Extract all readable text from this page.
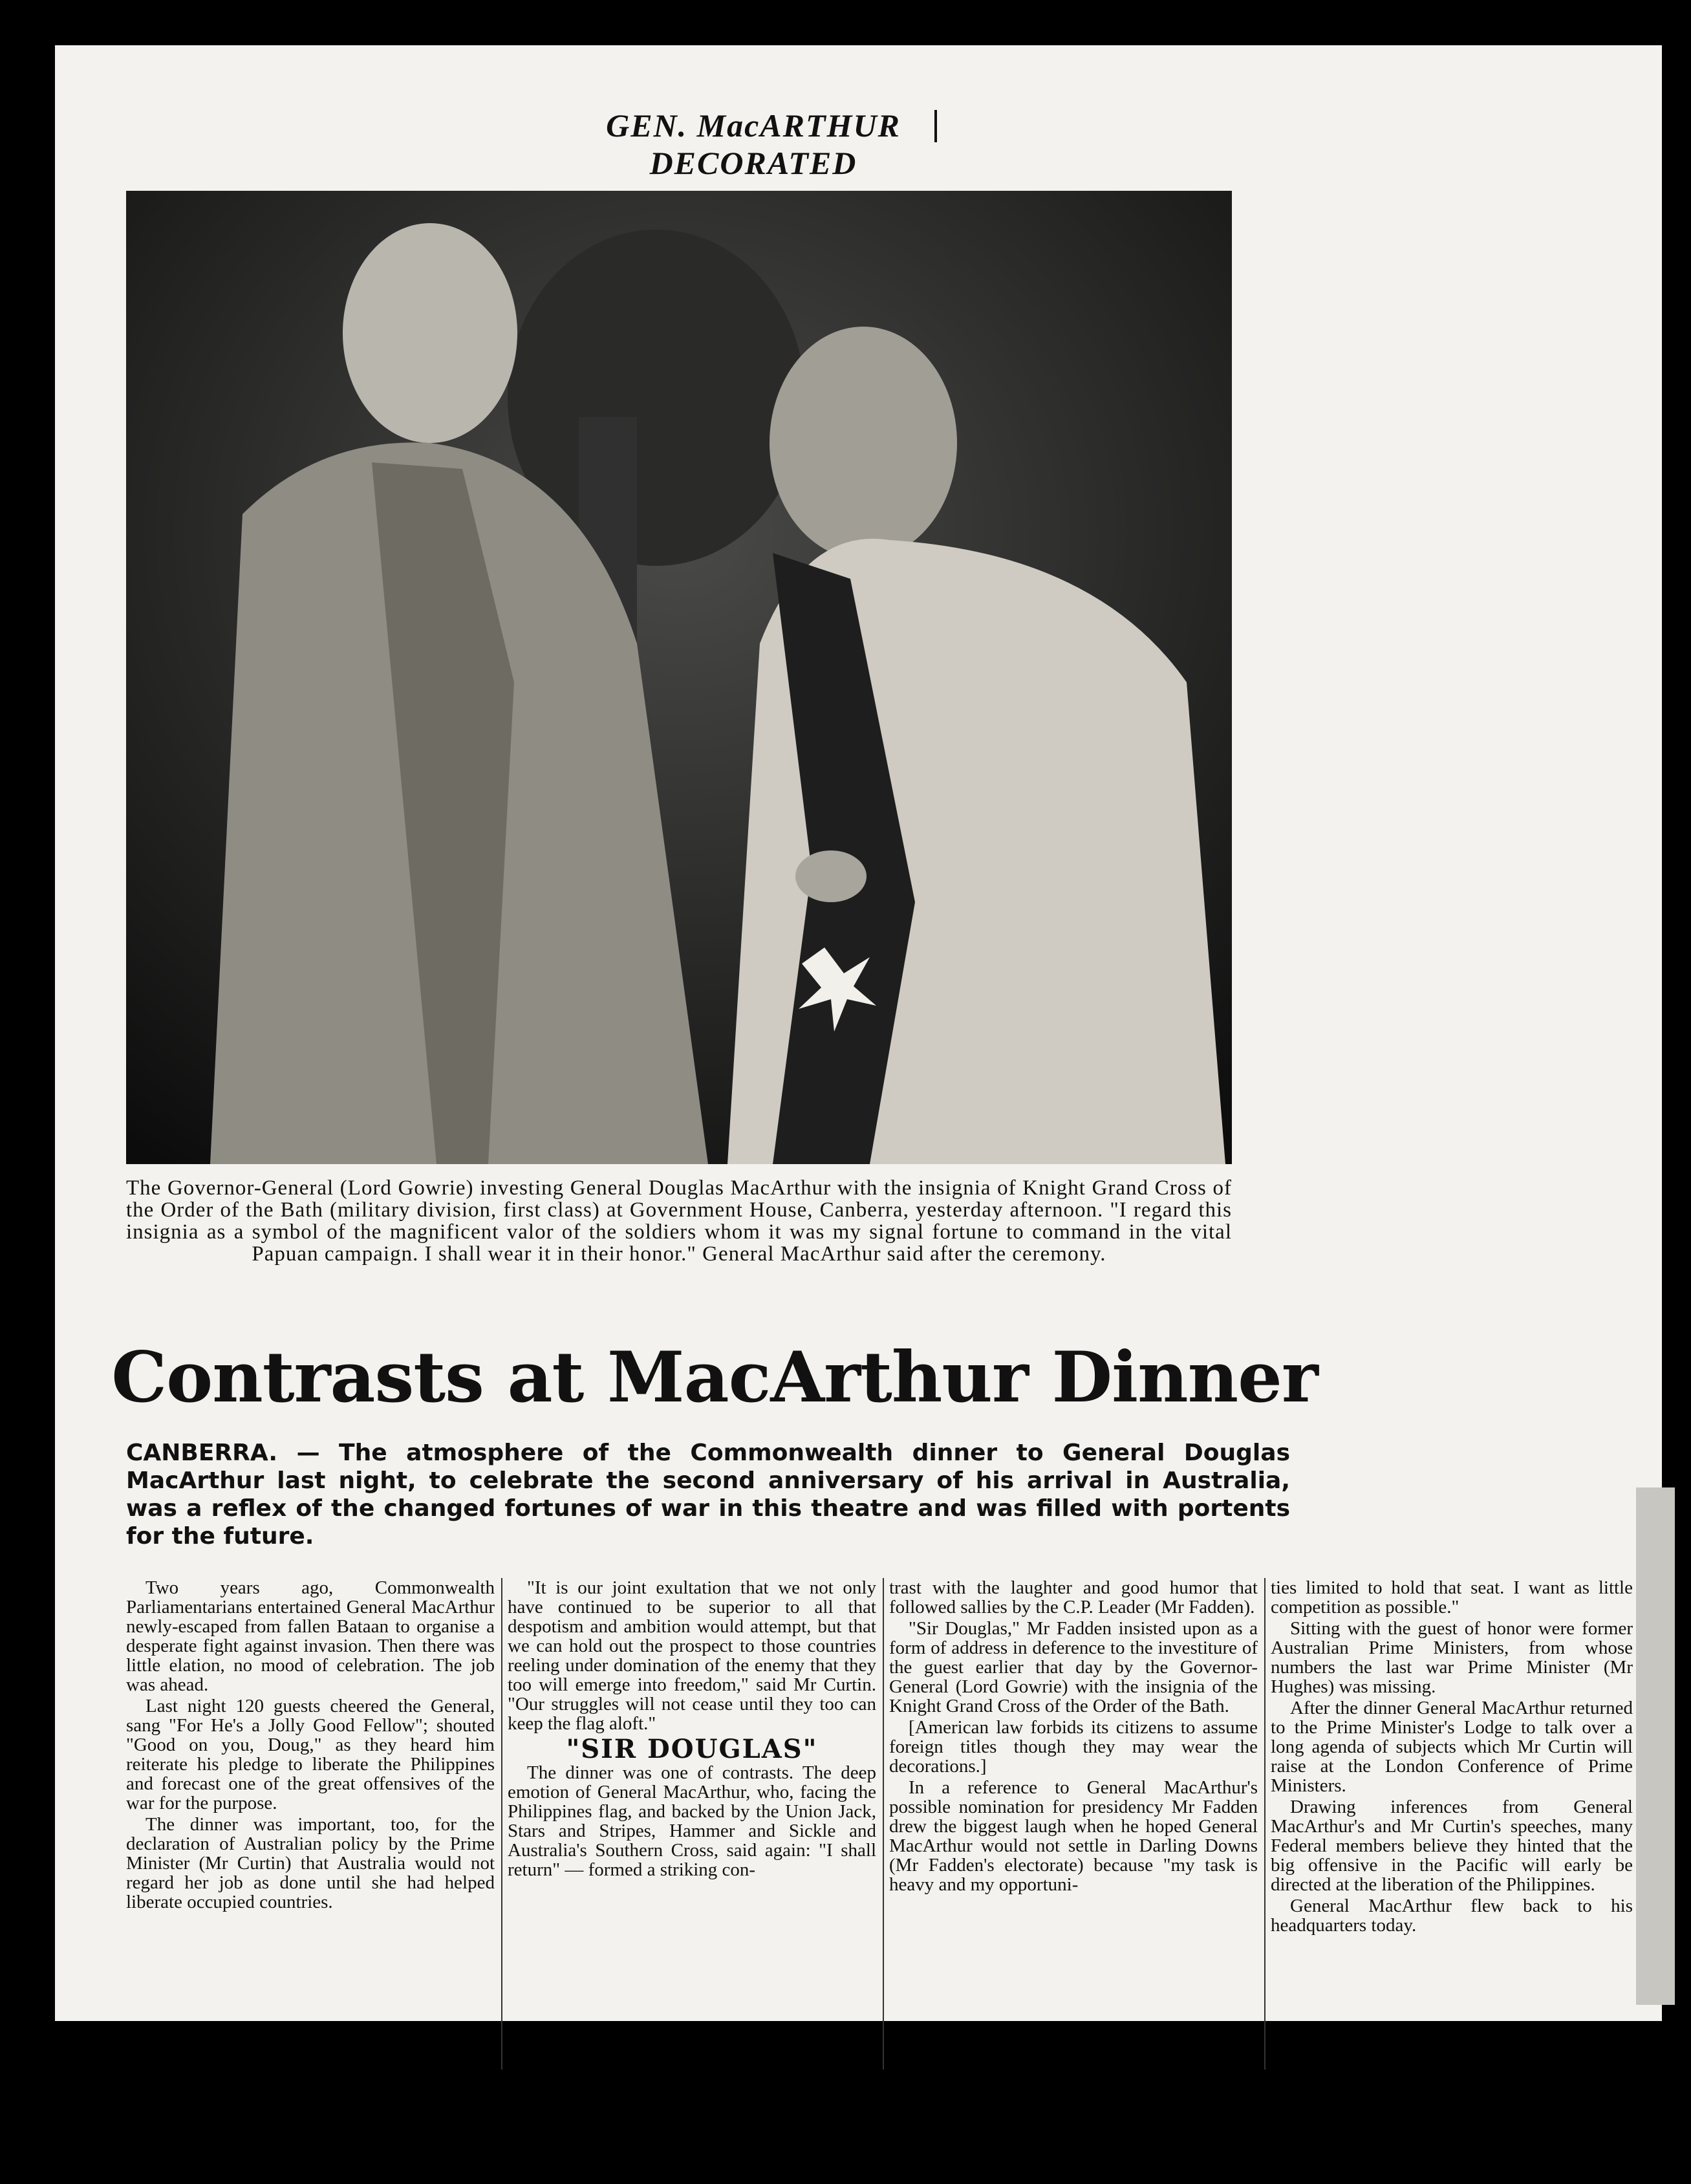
GEN. MacARTHUR
DECORATED
The Governor-General (Lord Gowrie) investing General Douglas MacArthur with the insignia of Knight Grand Cross of the Order of the Bath (military division, first class) at Government House, Canberra, yesterday afternoon. "I regard this insignia as a symbol of the magnificent valor of the soldiers whom it was my signal fortune to command in the vital Papuan campaign. I shall wear it in their honor." General MacArthur said after the ceremony.
Contrasts at MacArthur Dinner
CANBERRA. — The atmosphere of the Commonwealth dinner to General Douglas MacArthur last night, to celebrate the second anniversary of his arrival in Australia, was a reflex of the changed fortunes of war in this theatre and was filled with portents for the future.

Two years ago, Commonwealth Parliamentarians entertained General MacArthur newly-escaped from fallen Bataan to organise a desperate fight against invasion. Then there was little elation, no mood of celebration. The job was ahead.

Last night 120 guests cheered the General, sang "For He's a Jolly Good Fellow"; shouted "Good on you, Doug," as they heard him reiterate his pledge to liberate the Philippines and forecast one of the great offensives of the war for the purpose.

The dinner was important, too, for the declaration of Australian policy by the Prime Minister (Mr Curtin) that Australia would not regard her job as done until she had helped liberate occupied countries.

"It is our joint exultation that we not only have continued to be superior to all that despotism and ambition would attempt, but that we can hold out the prospect to those countries reeling under domination of the enemy that they too will emerge into freedom," said Mr Curtin. "Our struggles will not cease until they too can keep the flag aloft."

"SIR DOUGLAS"

The dinner was one of contrasts. The deep emotion of General MacArthur, who, facing the Philippines flag, and backed by the Union Jack, Stars and Stripes, Hammer and Sickle and Australia's Southern Cross, said again: "I shall return" — formed a striking con-

trast with the laughter and good humor that followed sallies by the C.P. Leader (Mr Fadden).

"Sir Douglas," Mr Fadden insisted upon as a form of address in deference to the investiture of the guest earlier that day by the Governor-General (Lord Gowrie) with the insignia of the Knight Grand Cross of the Order of the Bath.

[American law forbids its citizens to assume foreign titles though they may wear the decorations.]

In a reference to General MacArthur's possible nomination for presidency Mr Fadden drew the biggest laugh when he hoped General MacArthur would not settle in Darling Downs (Mr Fadden's electorate) because "my task is heavy and my opportuni-

ties limited to hold that seat. I want as little competition as possible."

Sitting with the guest of honor were former Australian Prime Ministers, from whose numbers the last war Prime Minister (Mr Hughes) was missing.

After the dinner General MacArthur returned to the Prime Minister's Lodge to talk over a long agenda of subjects which Mr Curtin will raise at the London Conference of Prime Ministers.

Drawing inferences from General MacArthur's and Mr Curtin's speeches, many Federal members believe they hinted that the big offensive in the Pacific will early be directed at the liberation of the Philippines.

General MacArthur flew back to his headquarters today.
